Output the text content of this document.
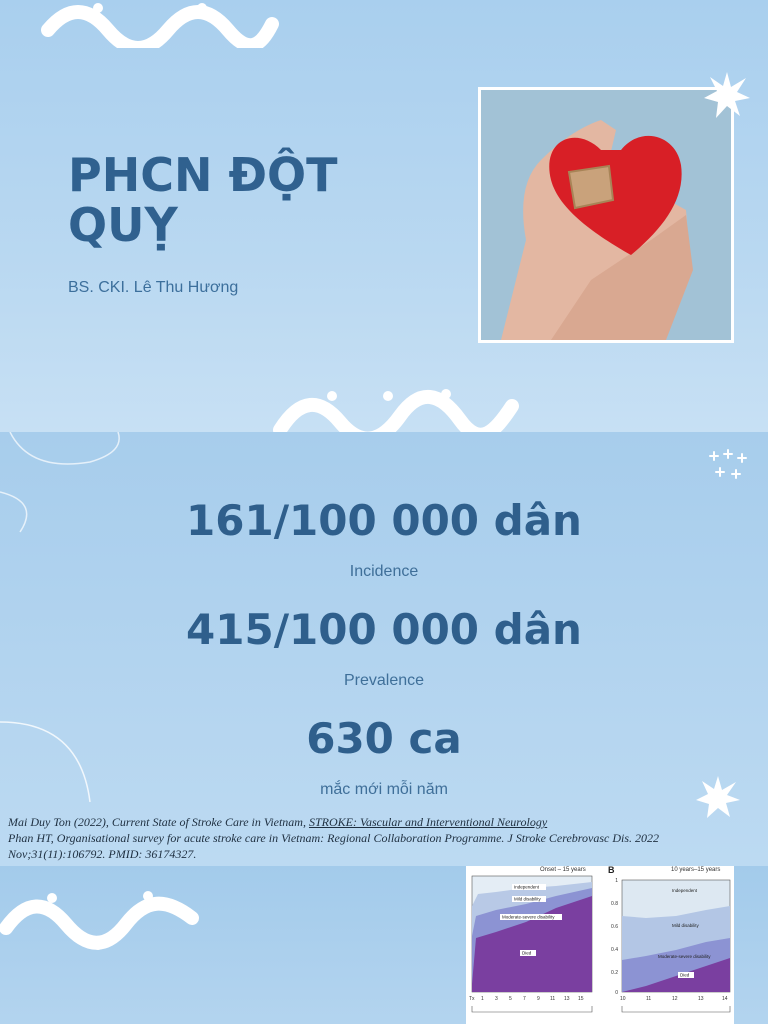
PHCN ĐỘT QUỴ
BS. CKI. Lê Thu Hương
161/100 000 dân
Incidence
415/100 000 dân
Prevalence
630 ca
mắc mới mỗi năm
Mai Duy Ton (2022), Current State of Stroke Care in Vietnam, STROKE: Vascular and Interventional Neurology
Phan HT, Organisational survey for acute stroke care in Vietnam: Regional Collaboration Programme. J Stroke Cerebrovasc Dis. 2022 Nov;31(11):106792. PMID: 36174327.
Onset – 15 years
Independent
Mild disability
Moderate-severe disability
Died
Tx 1 3 5 7 9 11 13 15
B	10 years–15 years
1
0.8
0.6
0.4
0.2
0
Independent
Mild disability
Moderate-severe disability
Died
10	11	12	13	14
